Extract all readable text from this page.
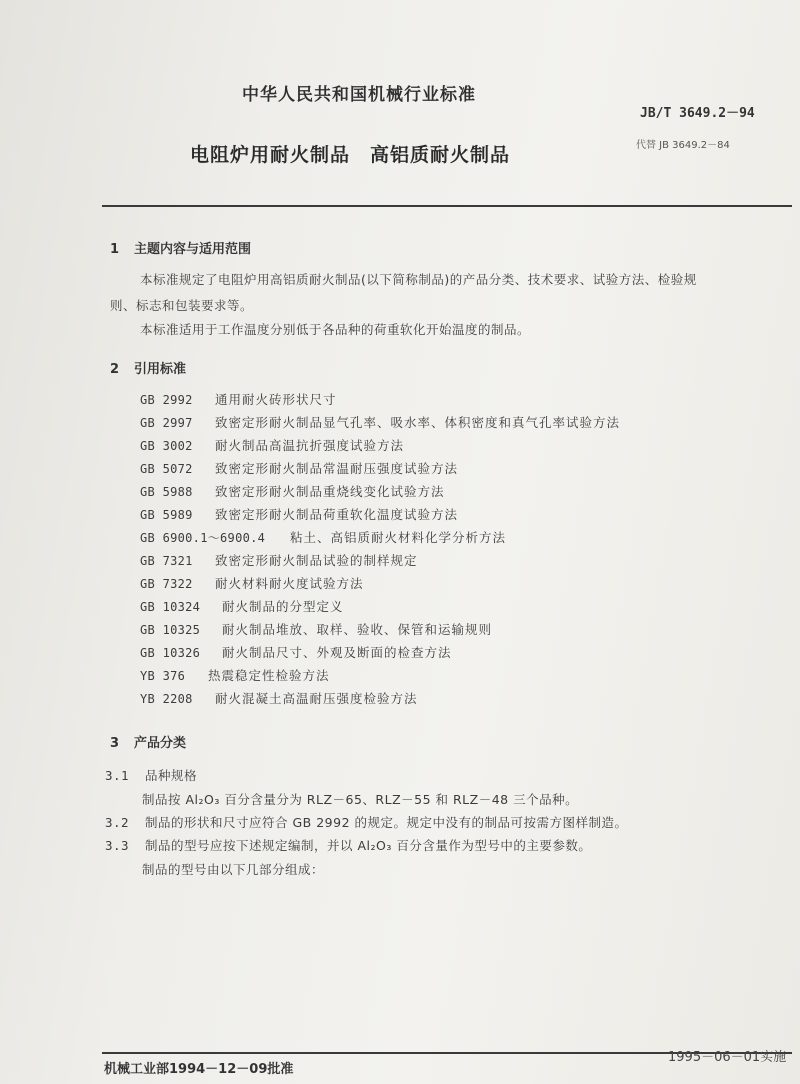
中华人民共和国机械行业标准
JB/T 3649.2－94
电阻炉用耐火制品　高铝质耐火制品	代替 JB 3649.2－84
1 主题内容与适用范围
本标准规定了电阻炉用高铝质耐火制品(以下简称制品)的产品分类、技术要求、试验方法、检验规
则、标志和包装要求等。
本标准适用于工作温度分别低于各品种的荷重软化开始温度的制品。
2 引用标准
GB 2992 通用耐火砖形状尺寸
GB 2997 致密定形耐火制品显气孔率、吸水率、体积密度和真气孔率试验方法
GB 3002 耐火制品高温抗折强度试验方法
GB 5072 致密定形耐火制品常温耐压强度试验方法
GB 5988 致密定形耐火制品重烧线变化试验方法
GB 5989 致密定形耐火制品荷重软化温度试验方法
GB 6900.1～6900.4 粘土、高铝质耐火材料化学分析方法
GB 7321 致密定形耐火制品试验的制样规定
GB 7322 耐火材料耐火度试验方法
GB 10324 耐火制品的分型定义
GB 10325 耐火制品堆放、取样、验收、保管和运输规则
GB 10326 耐火制品尺寸、外观及断面的检查方法
YB 376 热震稳定性检验方法
YB 2208 耐火混凝土高温耐压强度检验方法
3 产品分类
3.1 品种规格
制品按 Al₂O₃ 百分含量分为 RLZ－65、RLZ－55 和 RLZ－48 三个品种。
3.2 制品的形状和尺寸应符合 GB 2992 的规定。规定中没有的制品可按需方图样制造。
3.3 制品的型号应按下述规定编制，并以 Al₂O₃ 百分含量作为型号中的主要参数。
制品的型号由以下几部分组成：
机械工业部1994－12－09批准
1995－06－01实施
